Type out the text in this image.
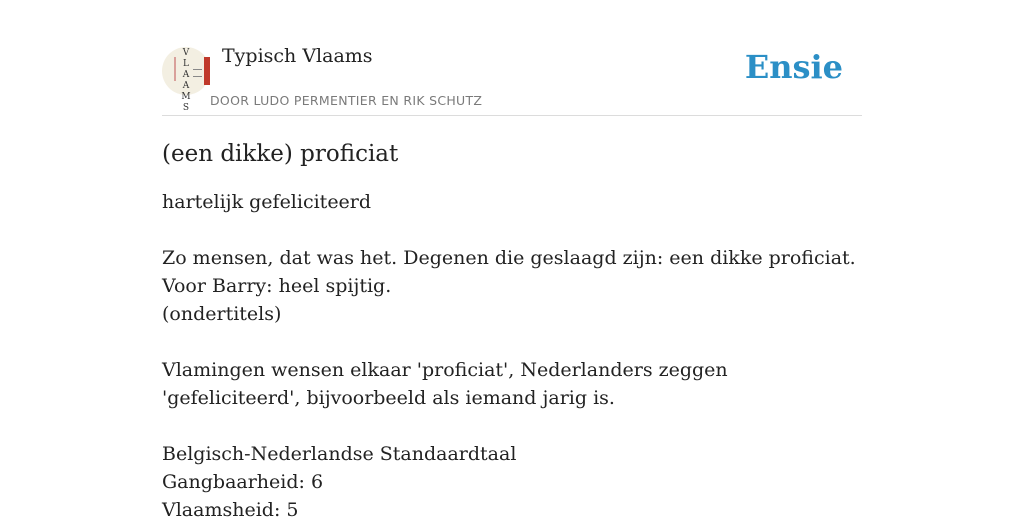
V
L
A
A
M
S
Typisch Vlaams
DOOR LUDO PERMENTIER EN RIK SCHUTZ
Ensie
(een dikke) proficiat

hartelijk gefeliciteerd

Zo mensen, dat was het. Degenen die geslaagd zijn: een dikke proficiat. Voor Barry: heel spijtig.
(ondertitels)

Vlamingen wensen elkaar 'proficiat', Nederlanders zeggen 'gefeliciteerd', bijvoorbeeld als iemand jarig is.

Belgisch-Nederlandse Standaardtaal
Gangbaarheid: 6
Vlaamsheid: 5
